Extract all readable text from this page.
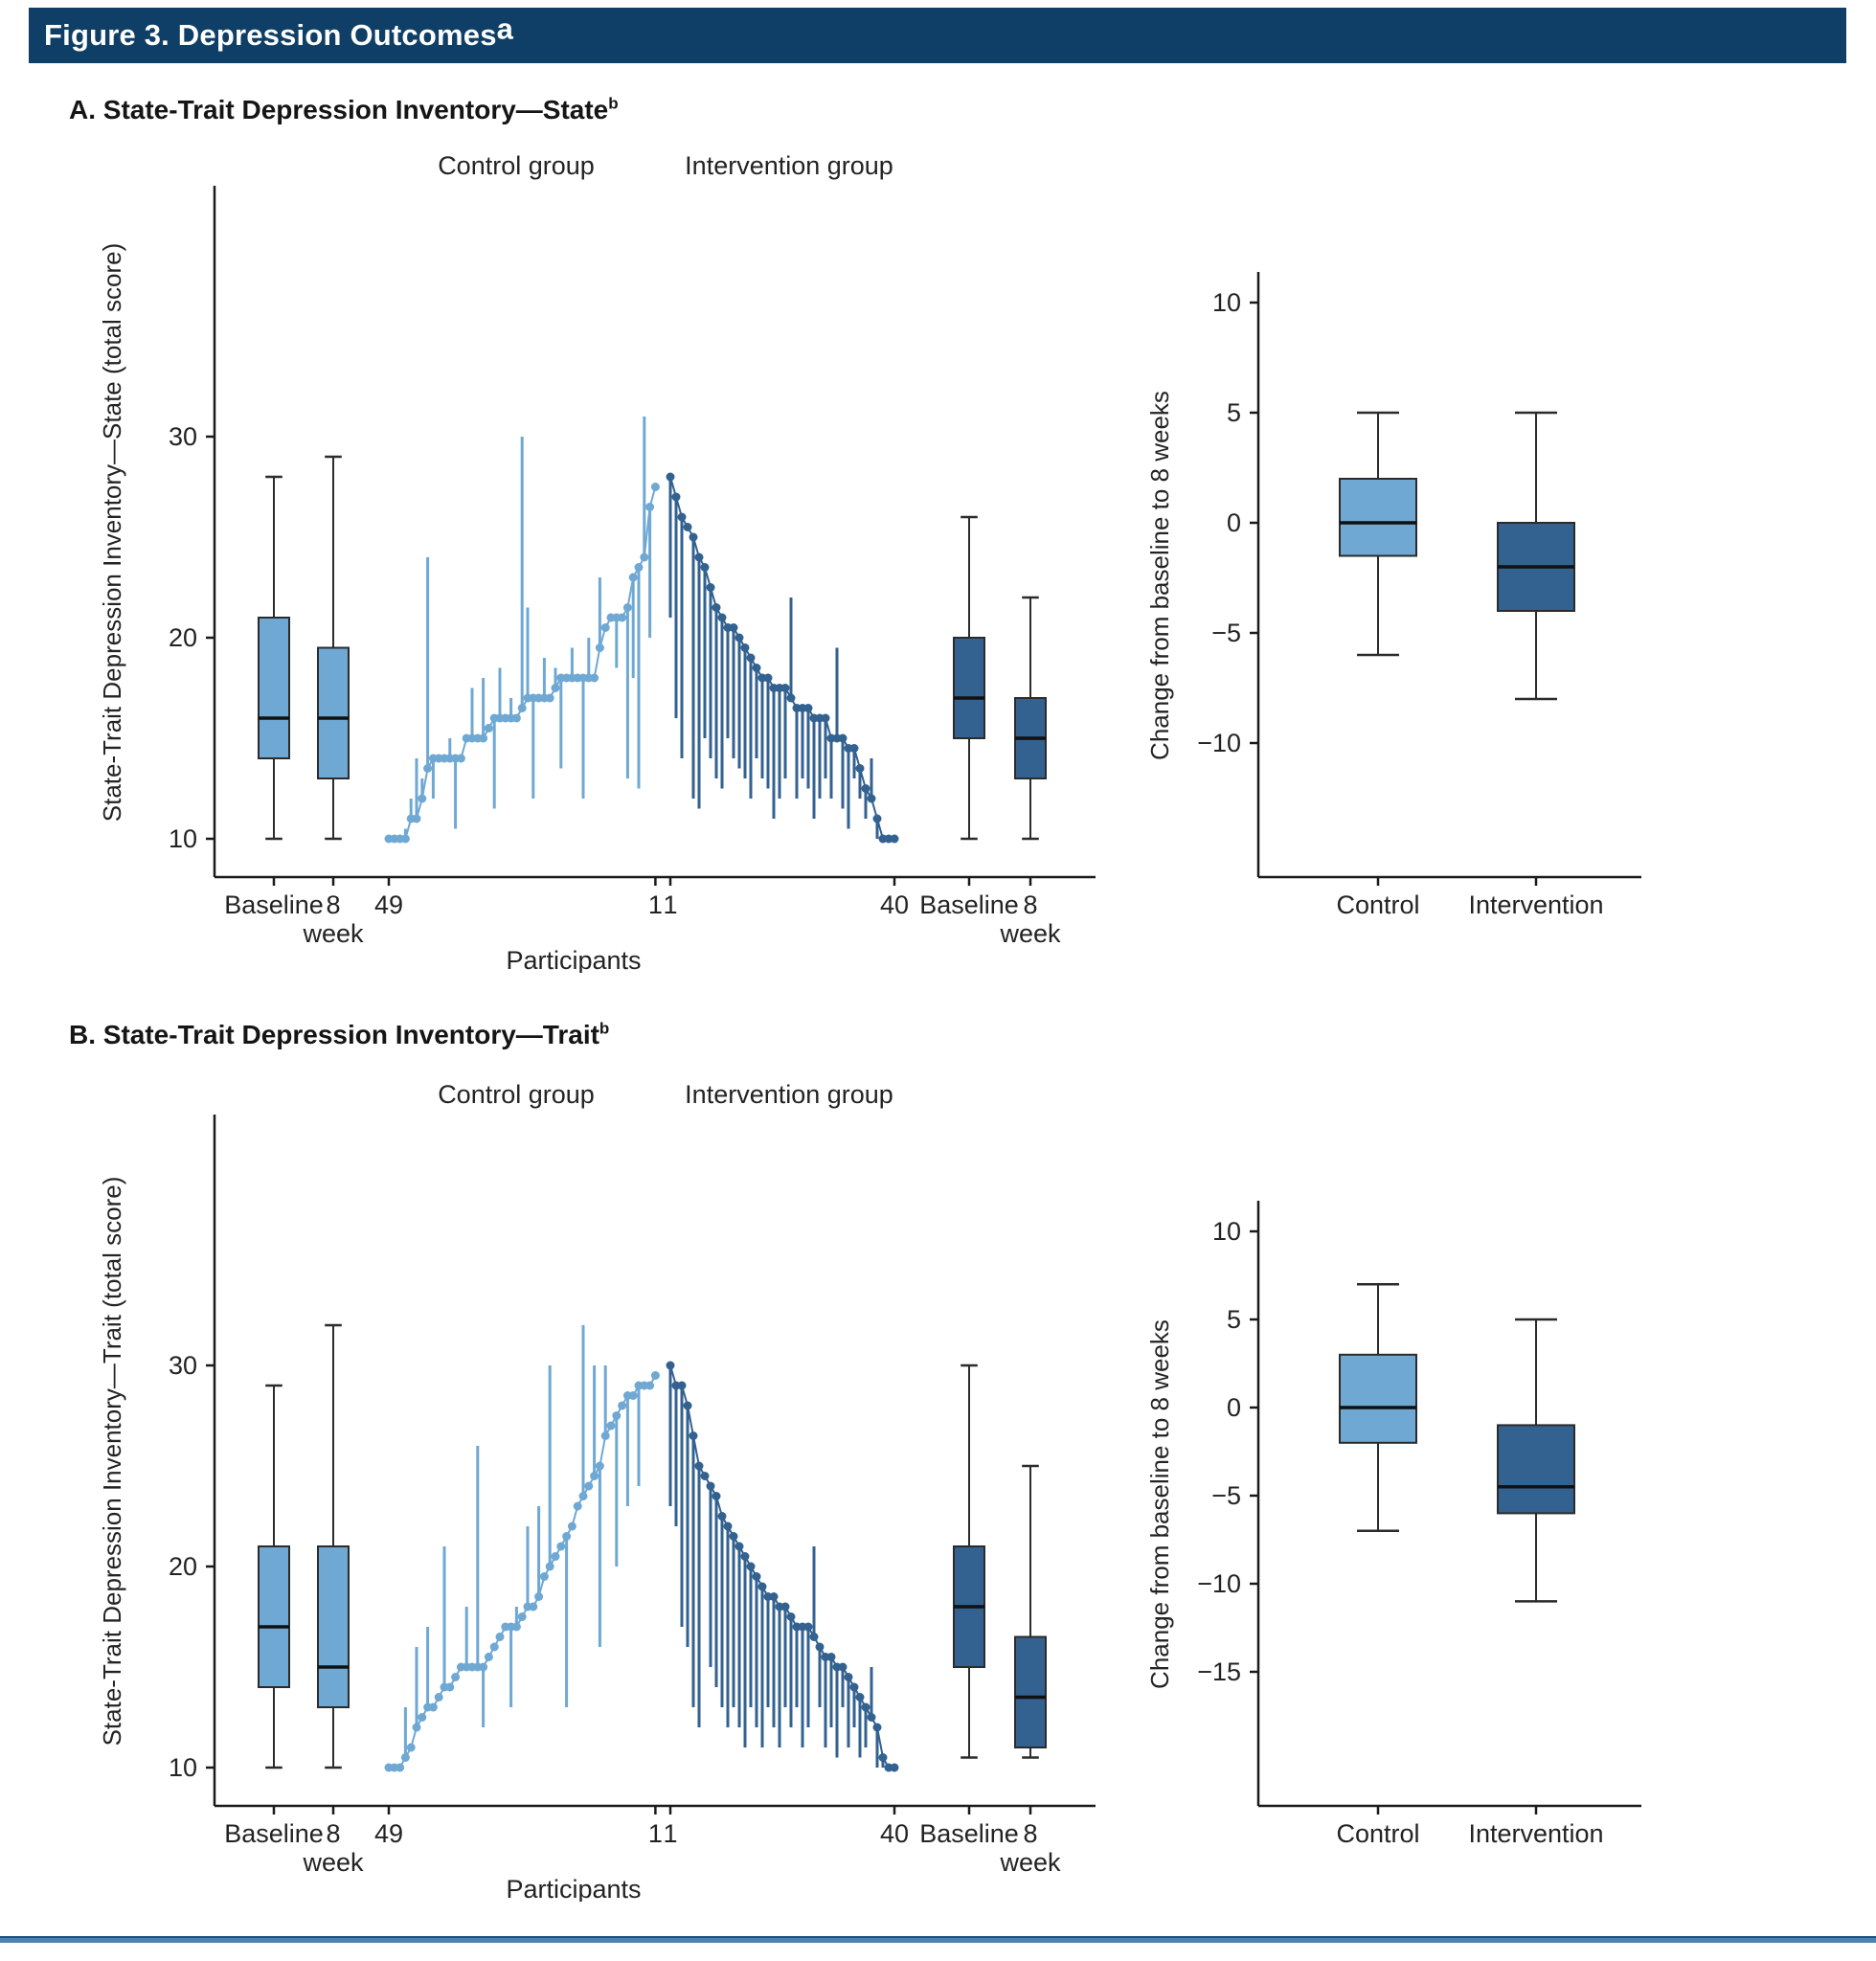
Figure 3. Depression Outcomes$^a$
A. State-Trait Depression Inventory—State$^b$
30
20
10
State-Trait Depression Inventory—State (total score)
Control group	Intervention group
Baseline 8
week
49	1 1	40 Baseline 8
week
Participants
10
5
0
−5
−10
Change from baseline to 8 weeks
Control Intervention
B. State-Trait Depression Inventory—Trait$^b$
30
20
10
State-Trait Depression Inventory—Trait (total score)
Control group	Intervention group
Baseline 8
week
49	1 1	40 Baseline 8
week
Participants
10
5
0
−5
−10
−15
Change from baseline to 8 weeks
Control Intervention
